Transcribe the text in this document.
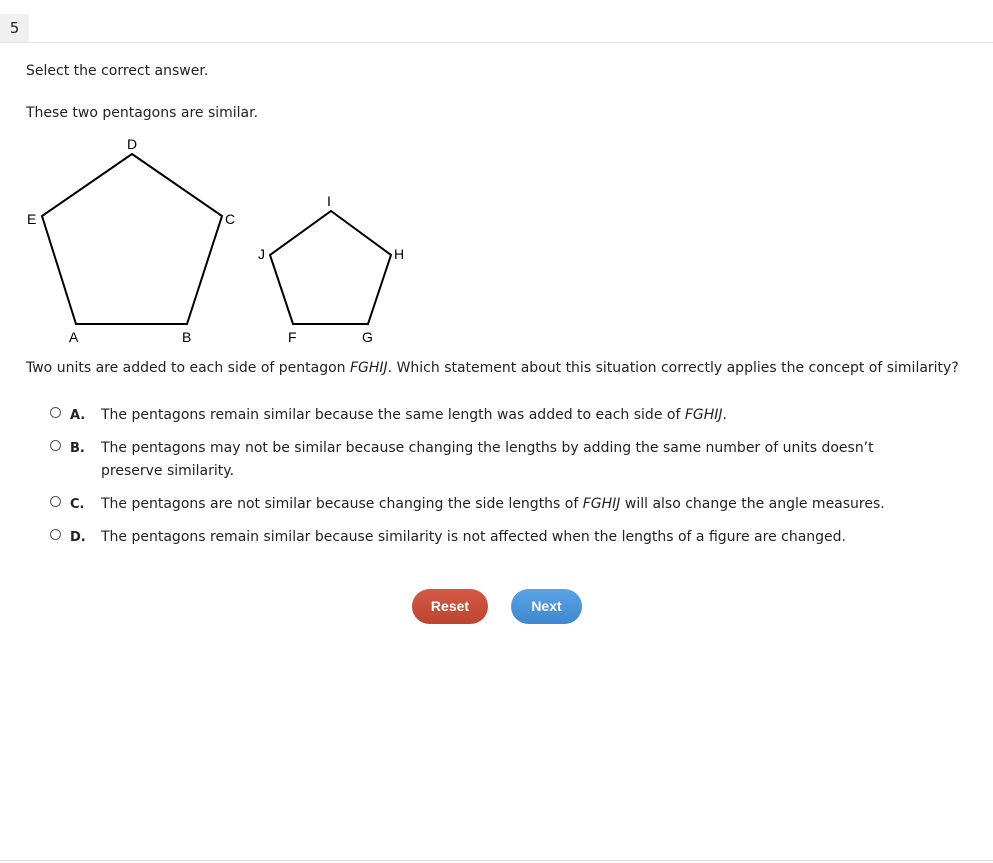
5
Select the correct answer.
These two pentagons are similar.
D
E	C
A	B
I
J	H
F	G
Two units are added to each side of pentagon FGHIJ. Which statement about this situation correctly applies the concept of similarity?
A. The pentagons remain similar because the same length was added to each side of FGHIJ.
B. The pentagons may not be similar because changing the lengths by adding the same number of units doesn’t preserve similarity.
C. The pentagons are not similar because changing the side lengths of FGHIJ will also change the angle measures.
D. The pentagons remain similar because similarity is not affected when the lengths of a figure are changed.
Reset	Next
